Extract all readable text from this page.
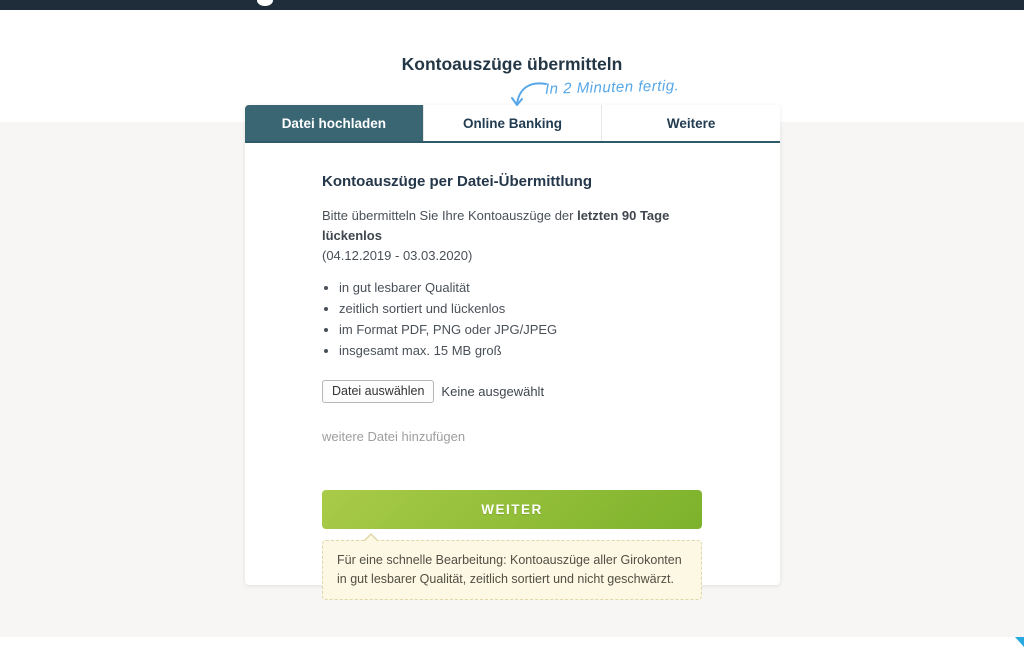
Kontoauszüge übermitteln
In 2 Minuten fertig.
Datei hochladen	Online Banking	Weitere
Kontoauszüge per Datei-Übermittlung

Bitte übermitteln Sie Ihre Kontoauszüge der letzten 90 Tage lückenlos
(04.12.2019 - 03.03.2020)

• in gut lesbarer Qualität
• zeitlich sortiert und lückenlos
• im Format PDF, PNG oder JPG/JPEG
• insgesamt max. 15 MB groß
Datei auswählen	Keine ausgewählt
weitere Datei hinzufügen
WEITER
Für eine schnelle Bearbeitung: Kontoauszüge aller Girokonten in gut lesbarer Qualität, zeitlich sortiert und nicht geschwärzt.
